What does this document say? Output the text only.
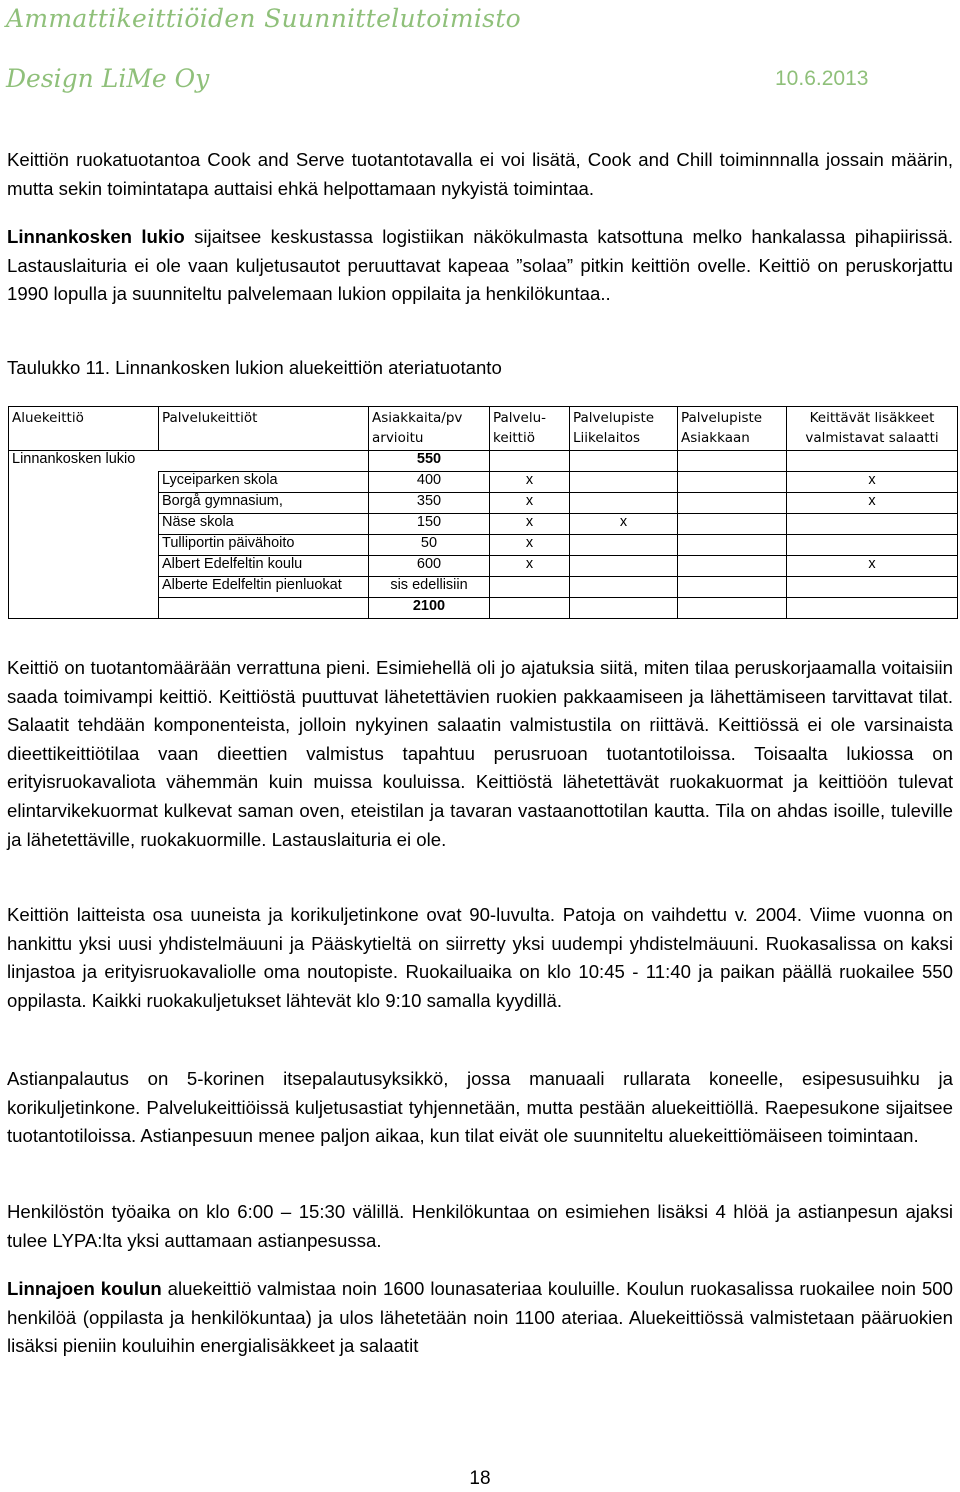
Ammattikeittiöiden Suunnittelutoimisto
Design LiMe Oy	10.6.2013

Keittiön ruokatuotantoa Cook and Serve tuotantotavalla ei voi lisätä, Cook and Chill toiminnnalla jossain määrin, mutta sekin toimintatapa auttaisi ehkä helpottamaan nykyistä toimintaa.

Linnankosken lukio sijaitsee keskustassa logistiikan näkökulmasta katsottuna melko hankalassa pihapiirissä. Lastauslaituria ei ole vaan kuljetusautot peruuttavat kapeaa ”solaa” pitkin keittiön ovelle. Keittiö on peruskorjattu 1990 lopulla ja suunniteltu palvelemaan lukion oppilaita ja henkilökuntaa..

Taulukko 11. Linnankosken lukion aluekeittiön ateriatuotanto
Aluekeittiö	Palvelukeittiöt	Asiakkaita/pv arvioitu	Palvelu-keittiö	Palvelupiste Liikelaitos	Palvelupiste Asiakkaan	Keittävät lisäkkeet valmistavat salaatti
Linnankosken lukio		550				
	Lyceiparken skola	400	x			x
	Borgå gymnasium,	350	x			x
	Näse skola	150	x	x		
	Tulliportin päivähoito	50	x			
	Albert Edelfeltin koulu	600	x			x
	Alberte Edelfeltin pienluokat	sis edellisiin				
		2100				

Keittiö on tuotantomäärään verrattuna pieni. Esimiehellä oli jo ajatuksia siitä, miten tilaa peruskorjaamalla voitaisiin saada toimivampi keittiö. Keittiöstä puuttuvat lähetettävien ruokien pakkaamiseen ja lähettämiseen tarvittavat tilat. Salaatit tehdään komponenteista, jolloin nykyinen salaatin valmistustila on riittävä. Keittiössä ei ole varsinaista dieettikeittiötilaa vaan dieettien valmistus tapahtuu perusruoan tuotantotiloissa. Toisaalta lukiossa on erityisruokavaliota vähemmän kuin muissa kouluissa. Keittiöstä lähetettävät ruokakuormat ja keittiöön tulevat elintarvikekuormat kulkevat saman oven, eteistilan ja tavaran vastaanottotilan kautta. Tila on ahdas isoille, tuleville ja lähetettäville, ruokakuormille. Lastauslaituria ei ole.

Keittiön laitteista osa uuneista ja korikuljetinkone ovat 90-luvulta. Patoja on vaihdettu v. 2004. Viime vuonna on hankittu yksi uusi yhdistelmäuuni ja Pääskytieltä on siirretty yksi uudempi yhdistelmäuuni. Ruokasalissa on kaksi linjastoa ja erityisruokavaliolle oma noutopiste. Ruokailuaika on klo 10:45 - 11:40 ja paikan päällä ruokailee 550 oppilasta. Kaikki ruokakuljetukset lähtevät klo 9:10 samalla kyydillä.

Astianpalautus on 5-korinen itsepalautusyksikkö, jossa manuaali rullarata koneelle, esipesusuihku ja korikuljetinkone. Palvelukeittiöissä kuljetusastiat tyhjennetään, mutta pestään aluekeittiöllä. Raepesukone sijaitsee tuotantotiloissa. Astianpesuun menee paljon aikaa, kun tilat eivät ole suunniteltu aluekeittiömäiseen toimintaan.

Henkilöstön työaika on klo 6:00 – 15:30 välillä. Henkilökuntaa on esimiehen lisäksi 4 hlöä ja astianpesun ajaksi tulee LYPA:lta yksi auttamaan astianpesussa.

Linnajoen koulun aluekeittiö valmistaa noin 1600 lounasateriaa kouluille. Koulun ruokasalissa ruokailee noin 500 henkilöä (oppilasta ja henkilökuntaa) ja ulos lähetetään noin 1100 ateriaa. Aluekeittiössä valmistetaan pääruokien lisäksi pieniin kouluihin energialisäkkeet ja salaatit

18
